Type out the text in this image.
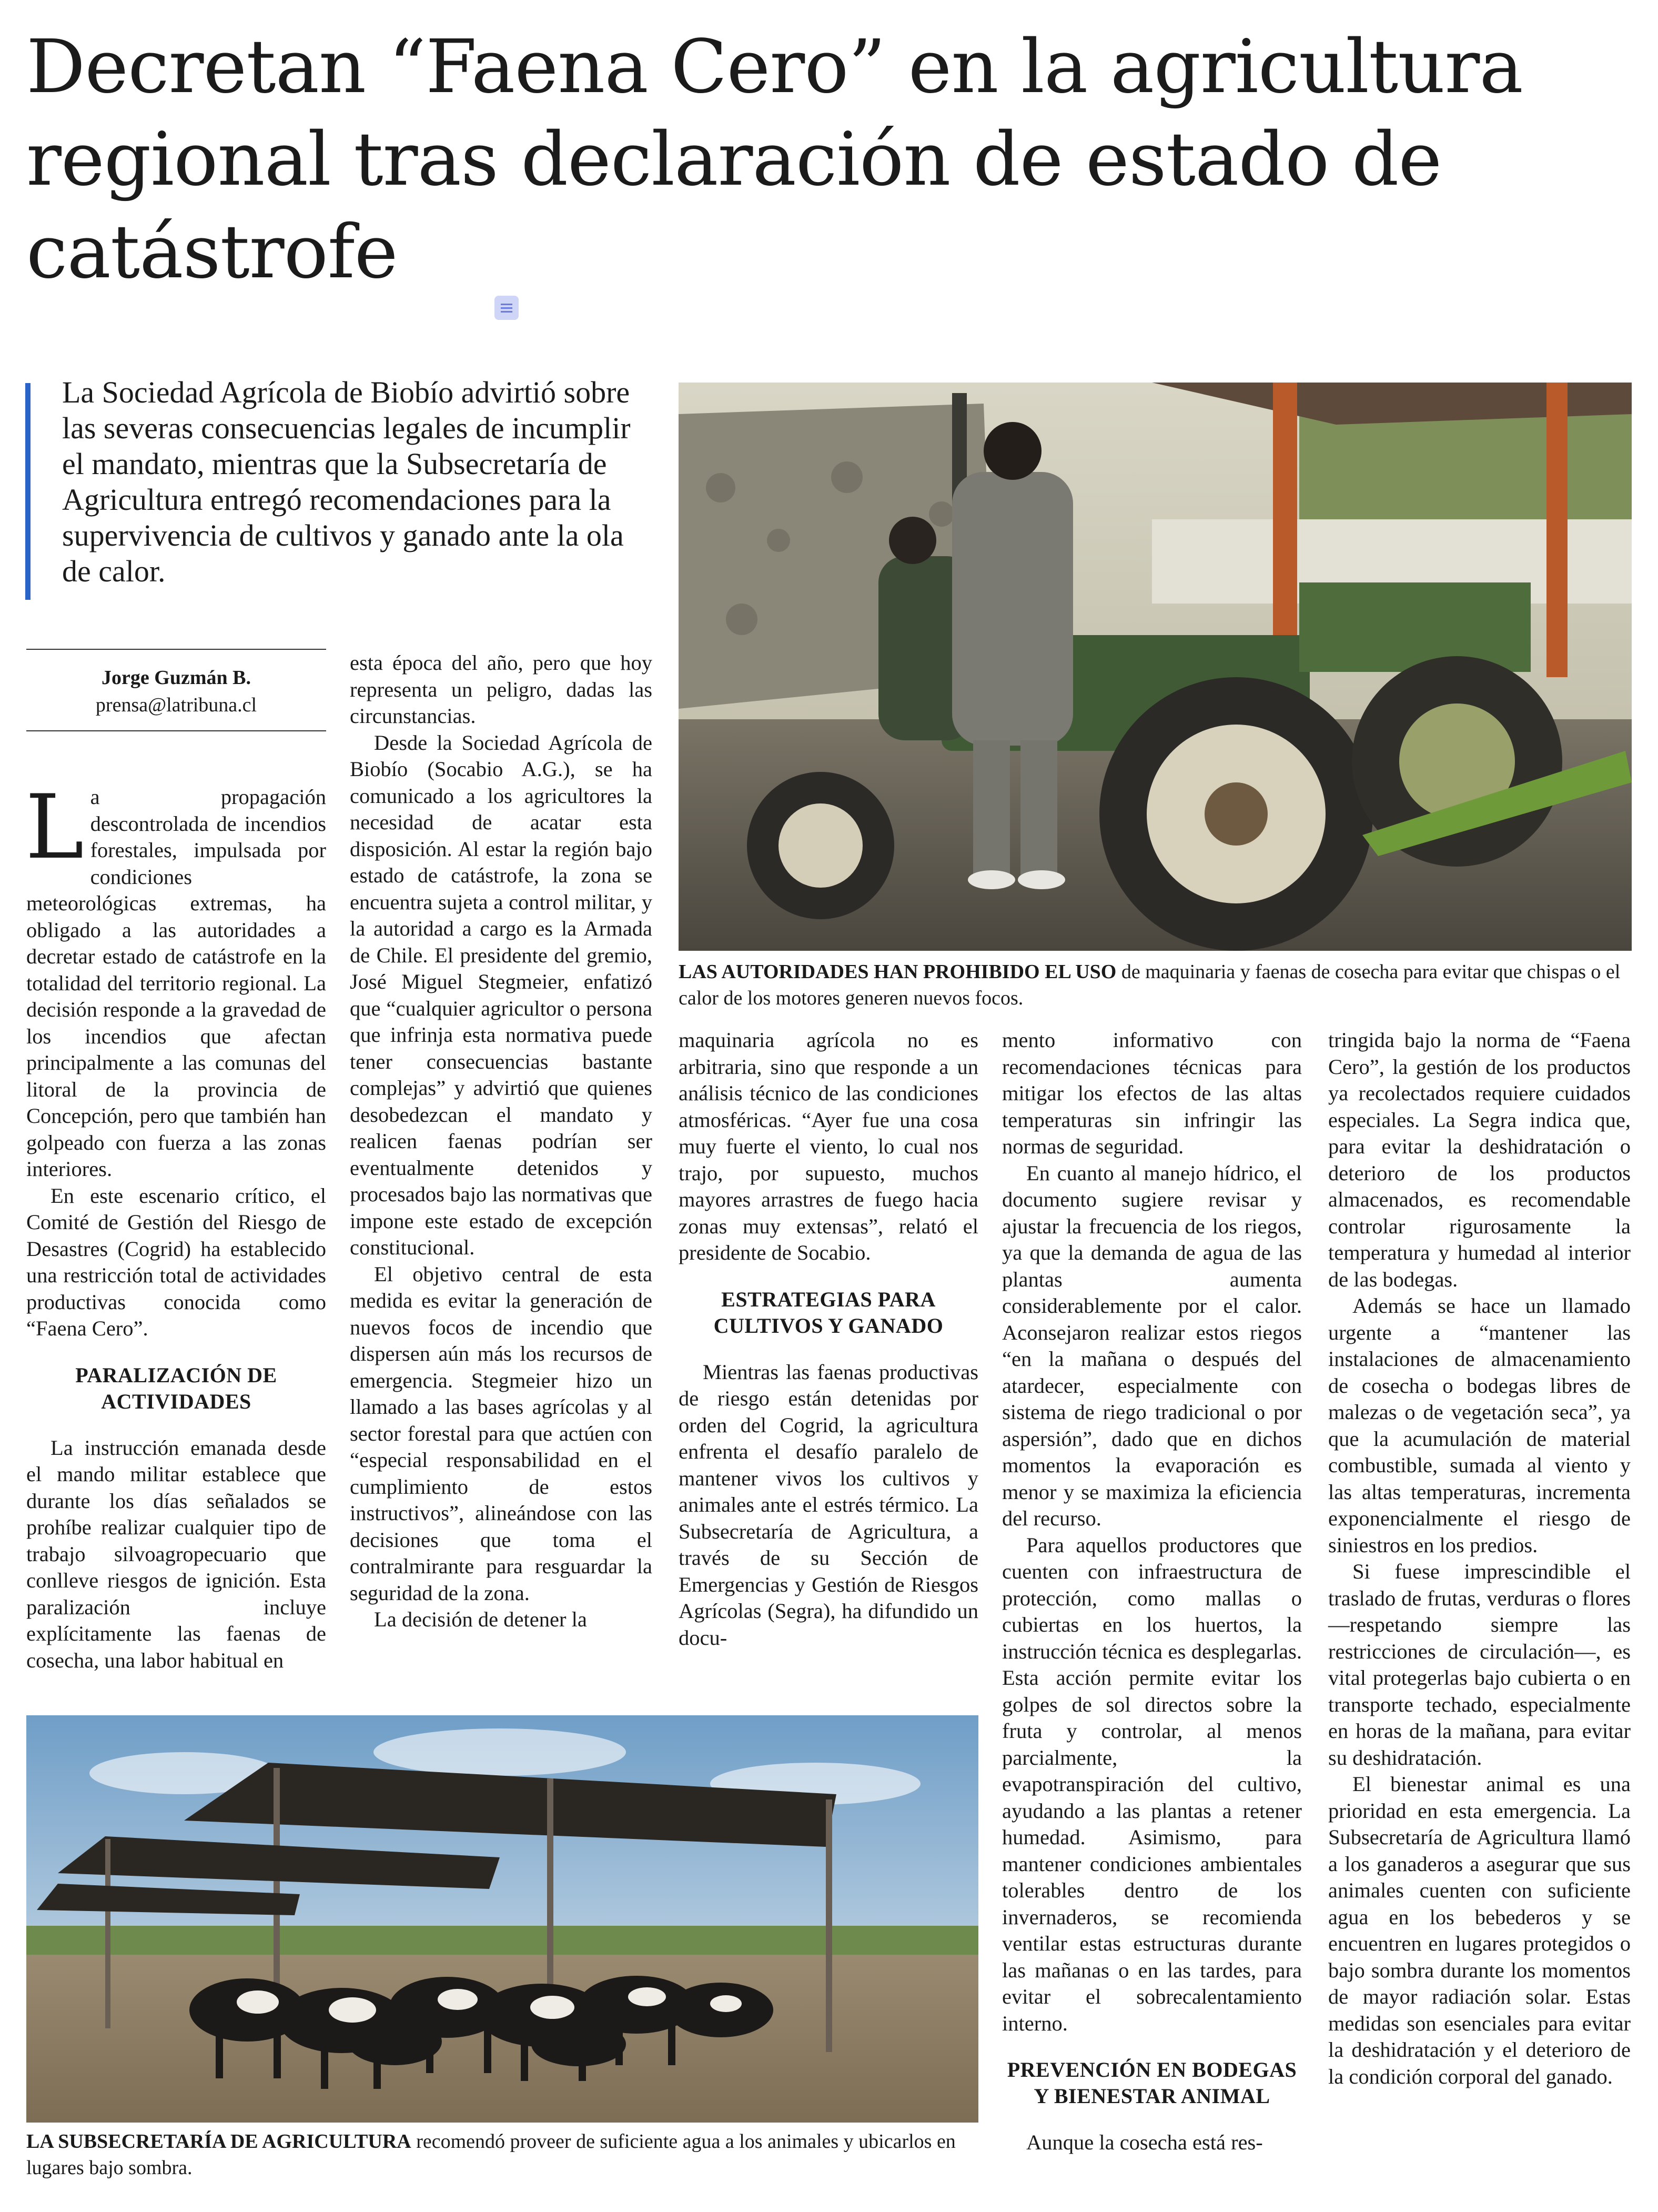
Decretan “Faena Cero” en la agricultura regional tras declaración de estado de catástrofe

La Sociedad Agrícola de Biobío advirtió sobre las severas consecuencias legales de incumplir el mandato, mientras que la Subsecretaría de Agricultura entregó recomendaciones para la supervivencia de cultivos y ganado ante la ola de calor.

Jorge Guzmán B.
prensa@latribuna.cl

La propagación descontrolada de incendios forestales, impulsada por condiciones meteorológicas extremas, ha obligado a las autoridades a decretar estado de catástrofe en la totalidad del territorio regional. La decisión responde a la gravedad de los incendios que afectan principalmente a las comunas del litoral de la provincia de Concepción, pero que también han golpeado con fuerza a las zonas interiores.

En este escenario crítico, el Comité de Gestión del Riesgo de Desastres (Cogrid) ha establecido una restricción total de actividades productivas conocida como “Faena Cero”.

PARALIZACIÓN DE ACTIVIDADES

La instrucción emanada desde el mando militar establece que durante los días señalados se prohíbe realizar cualquier tipo de trabajo silvoagropecuario que conlleve riesgos de ignición. Esta paralización incluye explícitamente las faenas de cosecha, una labor habitual en

esta época del año, pero que hoy representa un peligro, dadas las circunstancias.

Desde la Sociedad Agrícola de Biobío (Socabio A.G.), se ha comunicado a los agricultores la necesidad de acatar esta disposición. Al estar la región bajo estado de catástrofe, la zona se encuentra sujeta a control militar, y la autoridad a cargo es la Armada de Chile. El presidente del gremio, José Miguel Stegmeier, enfatizó que “cualquier agricultor o persona que infrinja esta normativa puede tener consecuencias bastante complejas” y advirtió que quienes desobedezcan el mandato y realicen faenas podrían ser eventualmente detenidos y procesados bajo las normativas que impone este estado de excepción constitucional.

El objetivo central de esta medida es evitar la generación de nuevos focos de incendio que dispersen aún más los recursos de emergencia. Stegmeier hizo un llamado a las bases agrícolas y al sector forestal para que actúen con “especial responsabilidad en el cumplimiento de estos instructivos”, alineándose con las decisiones que toma el contralmirante para resguardar la seguridad de la zona.

La decisión de detener la

LAS AUTORIDADES HAN PROHIBIDO EL USO de maquinaria y faenas de cosecha para evitar que chispas o el calor de los motores generen nuevos focos.

maquinaria agrícola no es arbitraria, sino que responde a un análisis técnico de las condiciones atmosféricas. “Ayer fue una cosa muy fuerte el viento, lo cual nos trajo, por supuesto, muchos mayores arrastres de fuego hacia zonas muy extensas”, relató el presidente de Socabio.

ESTRATEGIAS PARA CULTIVOS Y GANADO

Mientras las faenas productivas de riesgo están detenidas por orden del Cogrid, la agricultura enfrenta el desafío paralelo de mantener vivos los cultivos y animales ante el estrés térmico. La Subsecretaría de Agricultura, a través de su Sección de Emergencias y Gestión de Riesgos Agrícolas (Segra), ha difundido un docu-

mento informativo con recomendaciones técnicas para mitigar los efectos de las altas temperaturas sin infringir las normas de seguridad.

En cuanto al manejo hídrico, el documento sugiere revisar y ajustar la frecuencia de los riegos, ya que la demanda de agua de las plantas aumenta considerablemente por el calor. Aconsejaron realizar estos riegos “en la mañana o después del atardecer, especialmente con sistema de riego tradicional o por aspersión”, dado que en dichos momentos la evaporación es menor y se maximiza la eficiencia del recurso.

Para aquellos productores que cuenten con infraestructura de protección, como mallas o cubiertas en los huertos, la instrucción técnica es desplegarlas. Esta acción permite evitar los golpes de sol directos sobre la fruta y controlar, al menos parcialmente, la evapotranspiración del cultivo, ayudando a las plantas a retener humedad. Asimismo, para mantener condiciones ambientales tolerables dentro de los invernaderos, se recomienda ventilar estas estructuras durante las mañanas o en las tardes, para evitar el sobrecalentamiento interno.

PREVENCIÓN EN BODEGAS Y BIENESTAR ANIMAL

Aunque la cosecha está res-

tringida bajo la norma de “Faena Cero”, la gestión de los productos ya recolectados requiere cuidados especiales. La Segra indica que, para evitar la deshidratación o deterioro de los productos almacenados, es recomendable controlar rigurosamente la temperatura y humedad al interior de las bodegas.

Además se hace un llamado urgente a “mantener las instalaciones de almacenamiento de cosecha o bodegas libres de malezas o de vegetación seca”, ya que la acumulación de material combustible, sumada al viento y las altas temperaturas, incrementa exponencialmente el riesgo de siniestros en los predios.

Si fuese imprescindible el traslado de frutas, verduras o flores —respetando siempre las restricciones de circulación—, es vital protegerlas bajo cubierta o en transporte techado, especialmente en horas de la mañana, para evitar su deshidratación.

El bienestar animal es una prioridad en esta emergencia. La Subsecretaría de Agricultura llamó a los ganaderos a asegurar que sus animales cuenten con suficiente agua en los bebederos y se encuentren en lugares protegidos o bajo sombra durante los momentos de mayor radiación solar. Estas medidas son esenciales para evitar la deshidratación y el deterioro de la condición corporal del ganado.

LA SUBSECRETARÍA DE AGRICULTURA recomendó proveer de suficiente agua a los animales y ubicarlos en lugares bajo sombra.
